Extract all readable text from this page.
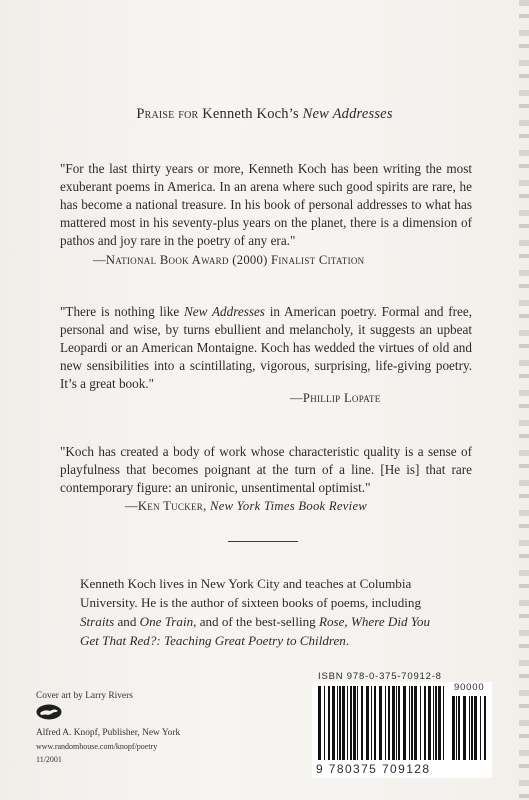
Praise for Kenneth Koch’s New Addresses
"For the last thirty years or more, Kenneth Koch has been writing the most exuberant poems in America. In an arena where such good spirits are rare, he has become a national treasure. In his book of personal addresses to what has mattered most in his seventy-plus years on the planet, there is a dimension of pathos and joy rare in the poetry of any era."
—National Book Award (2000) Finalist Citation
"There is nothing like New Addresses in American poetry. Formal and free, personal and wise, by turns ebullient and melancholy, it suggests an upbeat Leopardi or an American Montaigne. Koch has wedded the virtues of old and new sensibilities into a scintillating, vigorous, surprising, life-giving poetry. It’s a great book."
—Phillip Lopate
"Koch has created a body of work whose characteristic quality is a sense of playfulness that becomes poignant at the turn of a line. [He is] that rare contemporary figure: an unironic, unsentimental optimist."
—Ken Tucker, New York Times Book Review
Kenneth Koch lives in New York City and teaches at Columbia University. He is the author of sixteen books of poems, including Straits and One Train, and of the best-selling Rose, Where Did You Get That Red?: Teaching Great Poetry to Children.
Cover art by Larry Rivers
Alfred A. Knopf, Publisher, New York
www.randomhouse.com/knopf/poetry
11/2001
ISBN 978-0-375-70912-8
90000
9 780375 709128
